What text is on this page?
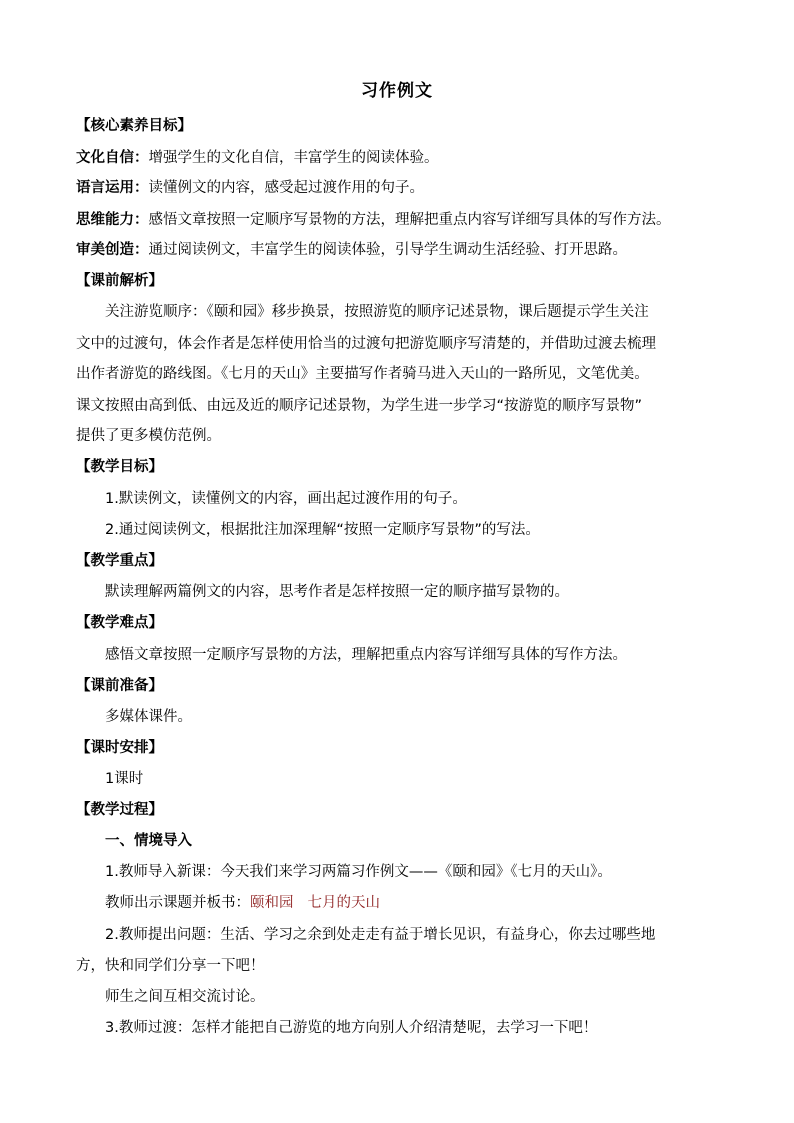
习作例文
【核心素养目标】
文化自信：增强学生的文化自信，丰富学生的阅读体验。
语言运用：读懂例文的内容，感受起过渡作用的句子。
思维能力：感悟文章按照一定顺序写景物的方法，理解把重点内容写详细写具体的写作方法。
审美创造：通过阅读例文，丰富学生的阅读体验，引导学生调动生活经验、打开思路。
【课前解析】
关注游览顺序：《颐和园》移步换景，按照游览的顺序记述景物，课后题提示学生关注
文中的过渡句，体会作者是怎样使用恰当的过渡句把游览顺序写清楚的，并借助过渡去梳理
出作者游览的路线图。《七月的天山》主要描写作者骑马进入天山的一路所见，文笔优美。
课文按照由高到低、由远及近的顺序记述景物，为学生进一步学习“按游览的顺序写景物”
提供了更多模仿范例。
【教学目标】
1.默读例文，读懂例文的内容，画出起过渡作用的句子。
2.通过阅读例文，根据批注加深理解“按照一定顺序写景物”的写法。
【教学重点】
默读理解两篇例文的内容，思考作者是怎样按照一定的顺序描写景物的。
【教学难点】
感悟文章按照一定顺序写景物的方法，理解把重点内容写详细写具体的写作方法。
【课前准备】
多媒体课件。
【课时安排】
1课时
【教学过程】
一、情境导入
1.教师导入新课：今天我们来学习两篇习作例文——《颐和园》《七月的天山》。
教师出示课题并板书：颐和园 七月的天山
2.教师提出问题：生活、学习之余到处走走有益于增长见识，有益身心，你去过哪些地
方，快和同学们分享一下吧！
师生之间互相交流讨论。
3.教师过渡：怎样才能把自己游览的地方向别人介绍清楚呢，去学习一下吧！
